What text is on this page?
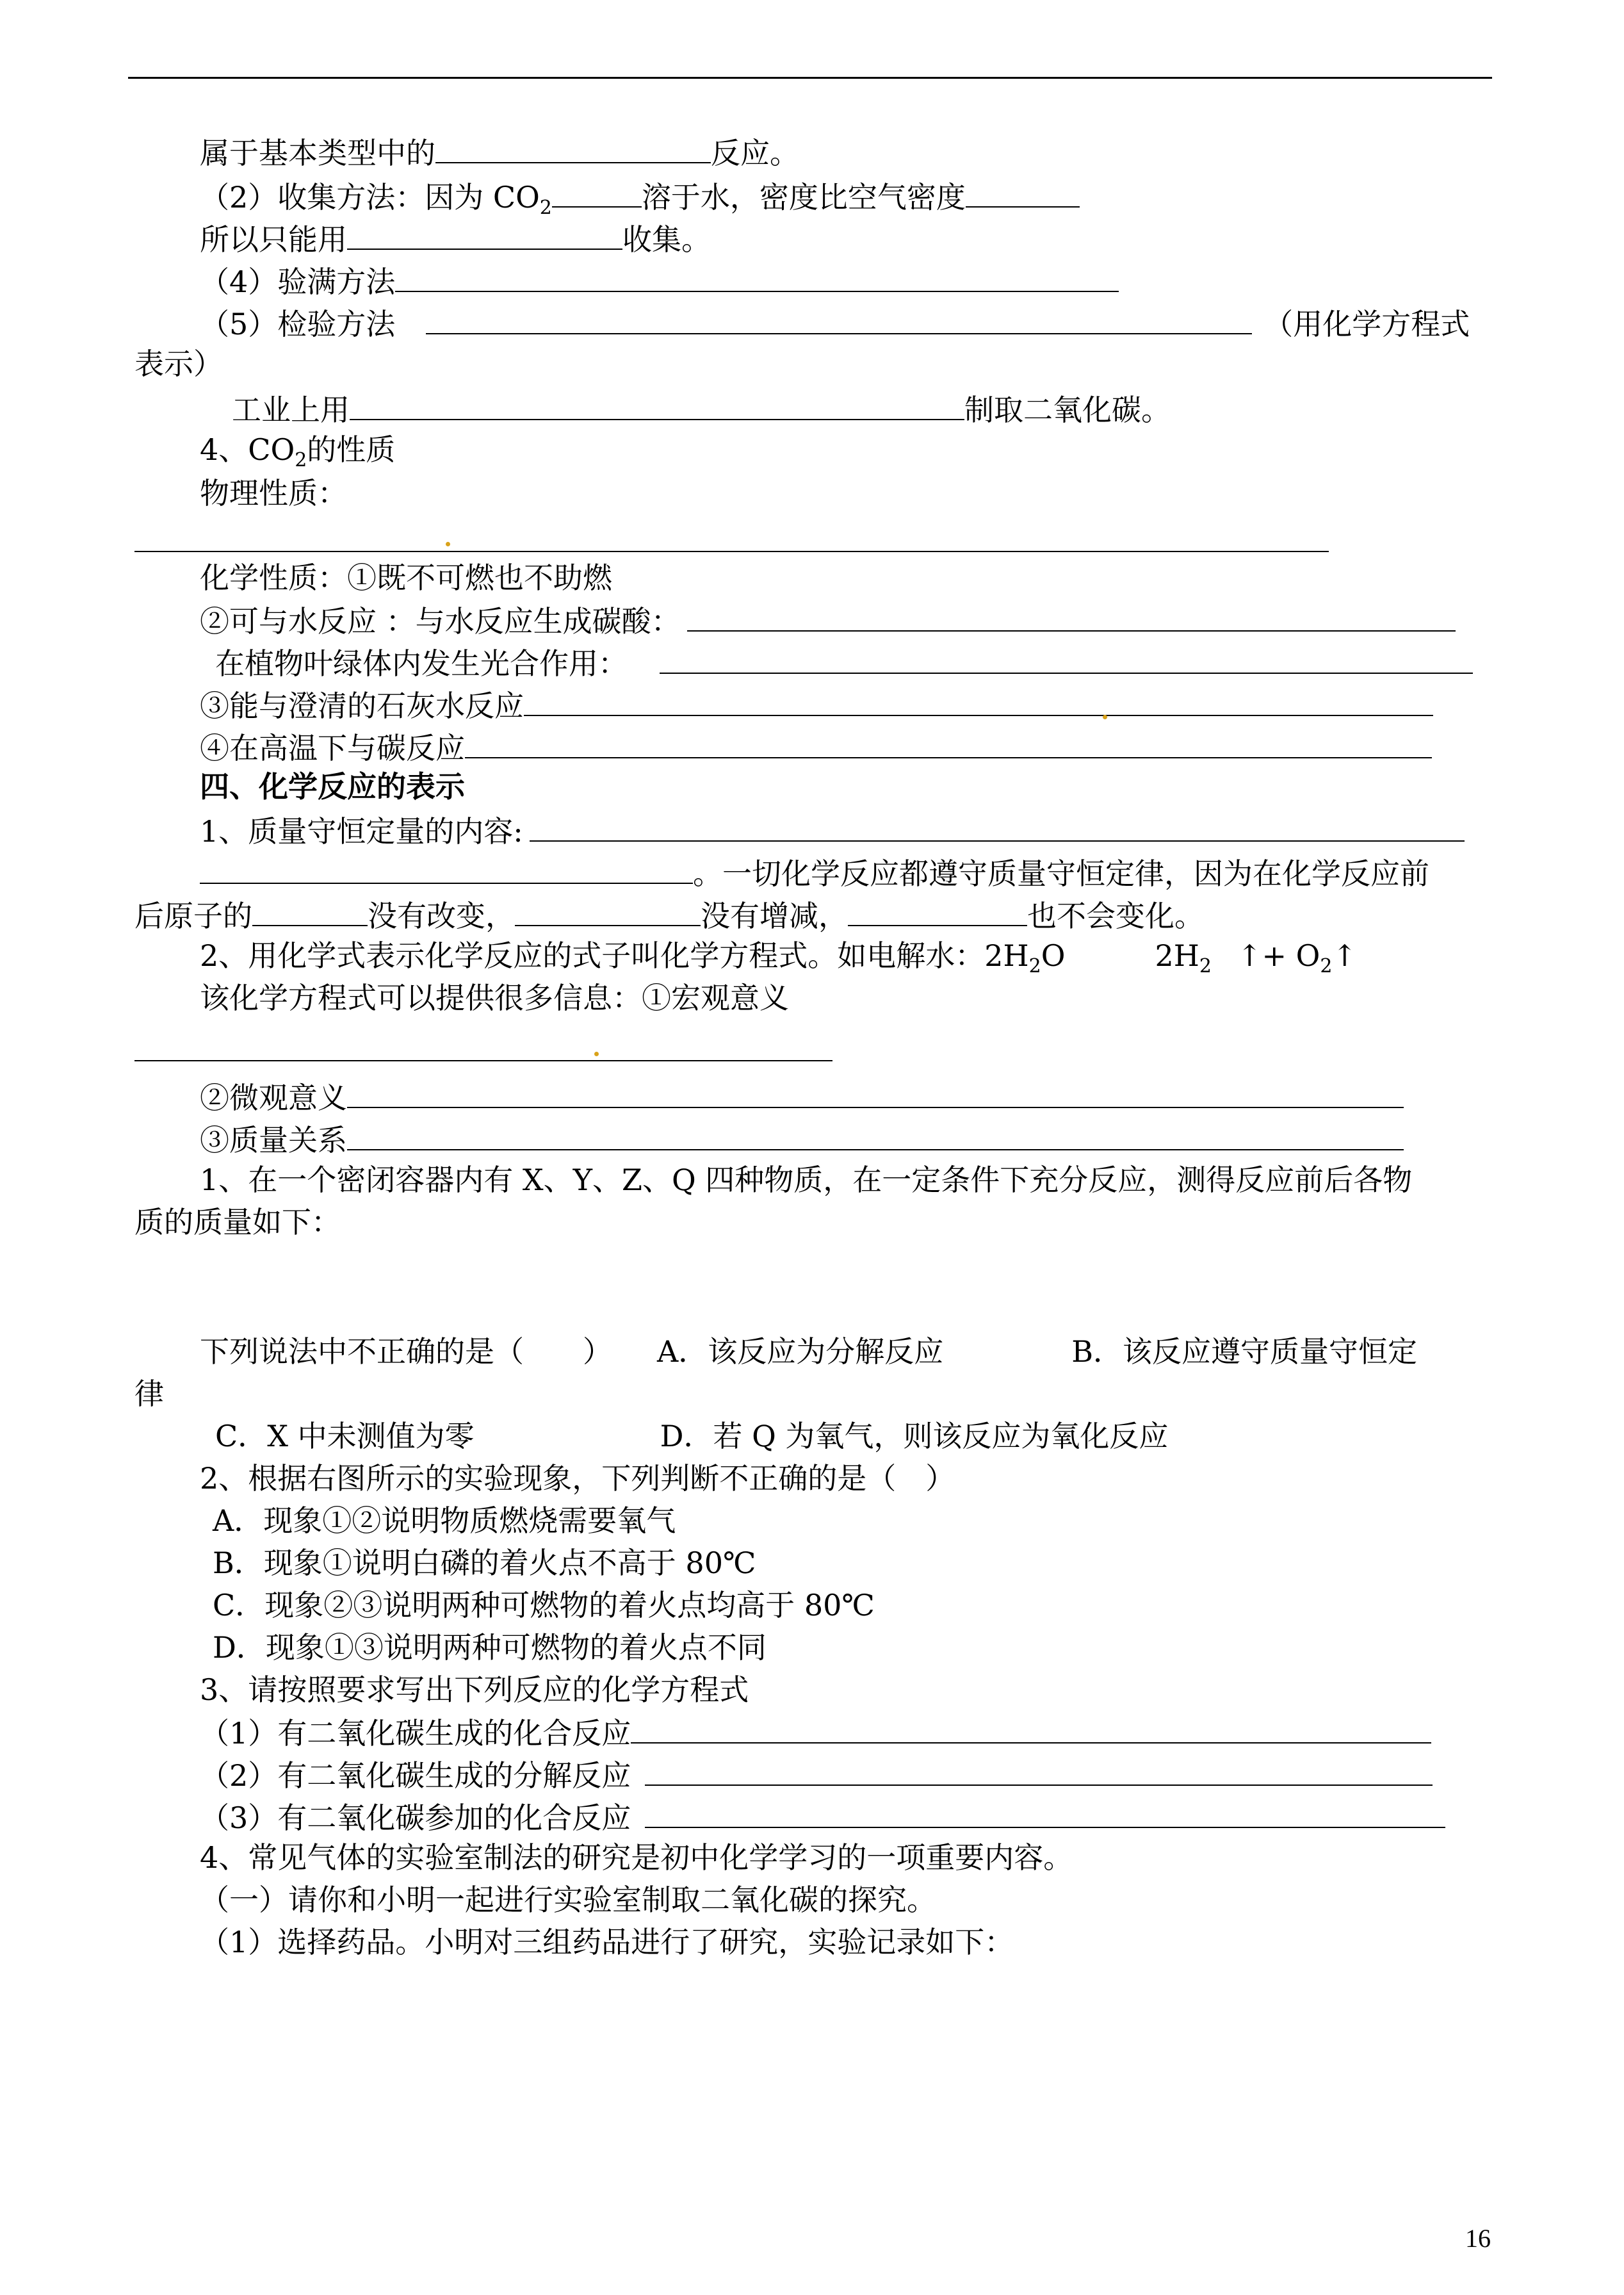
属于基本类型中的	反应。
（2）收集方法：因为 $CO_2$	溶于水，密度比空气密度
所以只能用	收集。
（4）验满方法
（5）检验方法	（用化学方程式
表示）
工业上用	制取二氧化碳。
4、$CO_2$的性质
物理性质：
化学性质：①既不可燃也不助燃
②可与水反应 ：与水反应生成碳酸：
在植物叶绿体内发生光合作用：
③能与澄清的石灰水反应
④在高温下与碳反应
四、化学反应的表示
1、质量守恒定量的内容:
。一切化学反应都遵守质量守恒定律，因为在化学反应前
后原子的	没有改变，	没有增减，	也不会变化。
2、用化学式表示化学反应的式子叫化学方程式。如电解水：$2H_2O$	$2H_2$ ↑+ $O_2↑$
该化学方程式可以提供很多信息：①宏观意义
②微观意义
③质量关系
1、在一个密闭容器内有 X、Y、Z、Q 四种物质，在一定条件下充分反应，测得反应前后各物
质的质量如下：
下列说法中不正确的是（　　） A．该反应为分解反应	B．该反应遵守质量守恒定
律
C．X 中未测值为零	D．若 Q 为氧气，则该反应为氧化反应
2、根据右图所示的实验现象，下列判断不正确的是（　）
A．现象①②说明物质燃烧需要氧气
B．现象①说明白磷的着火点不高于 80℃
C．现象②③说明两种可燃物的着火点均高于 80℃
D．现象①③说明两种可燃物的着火点不同
3、请按照要求写出下列反应的化学方程式
（1）有二氧化碳生成的化合反应
（2）有二氧化碳生成的分解反应
（3）有二氧化碳参加的化合反应
4、常见气体的实验室制法的研究是初中化学学习的一项重要内容。
（一）请你和小明一起进行实验室制取二氧化碳的探究。
（1）选择药品。小明对三组药品进行了研究，实验记录如下：
16
